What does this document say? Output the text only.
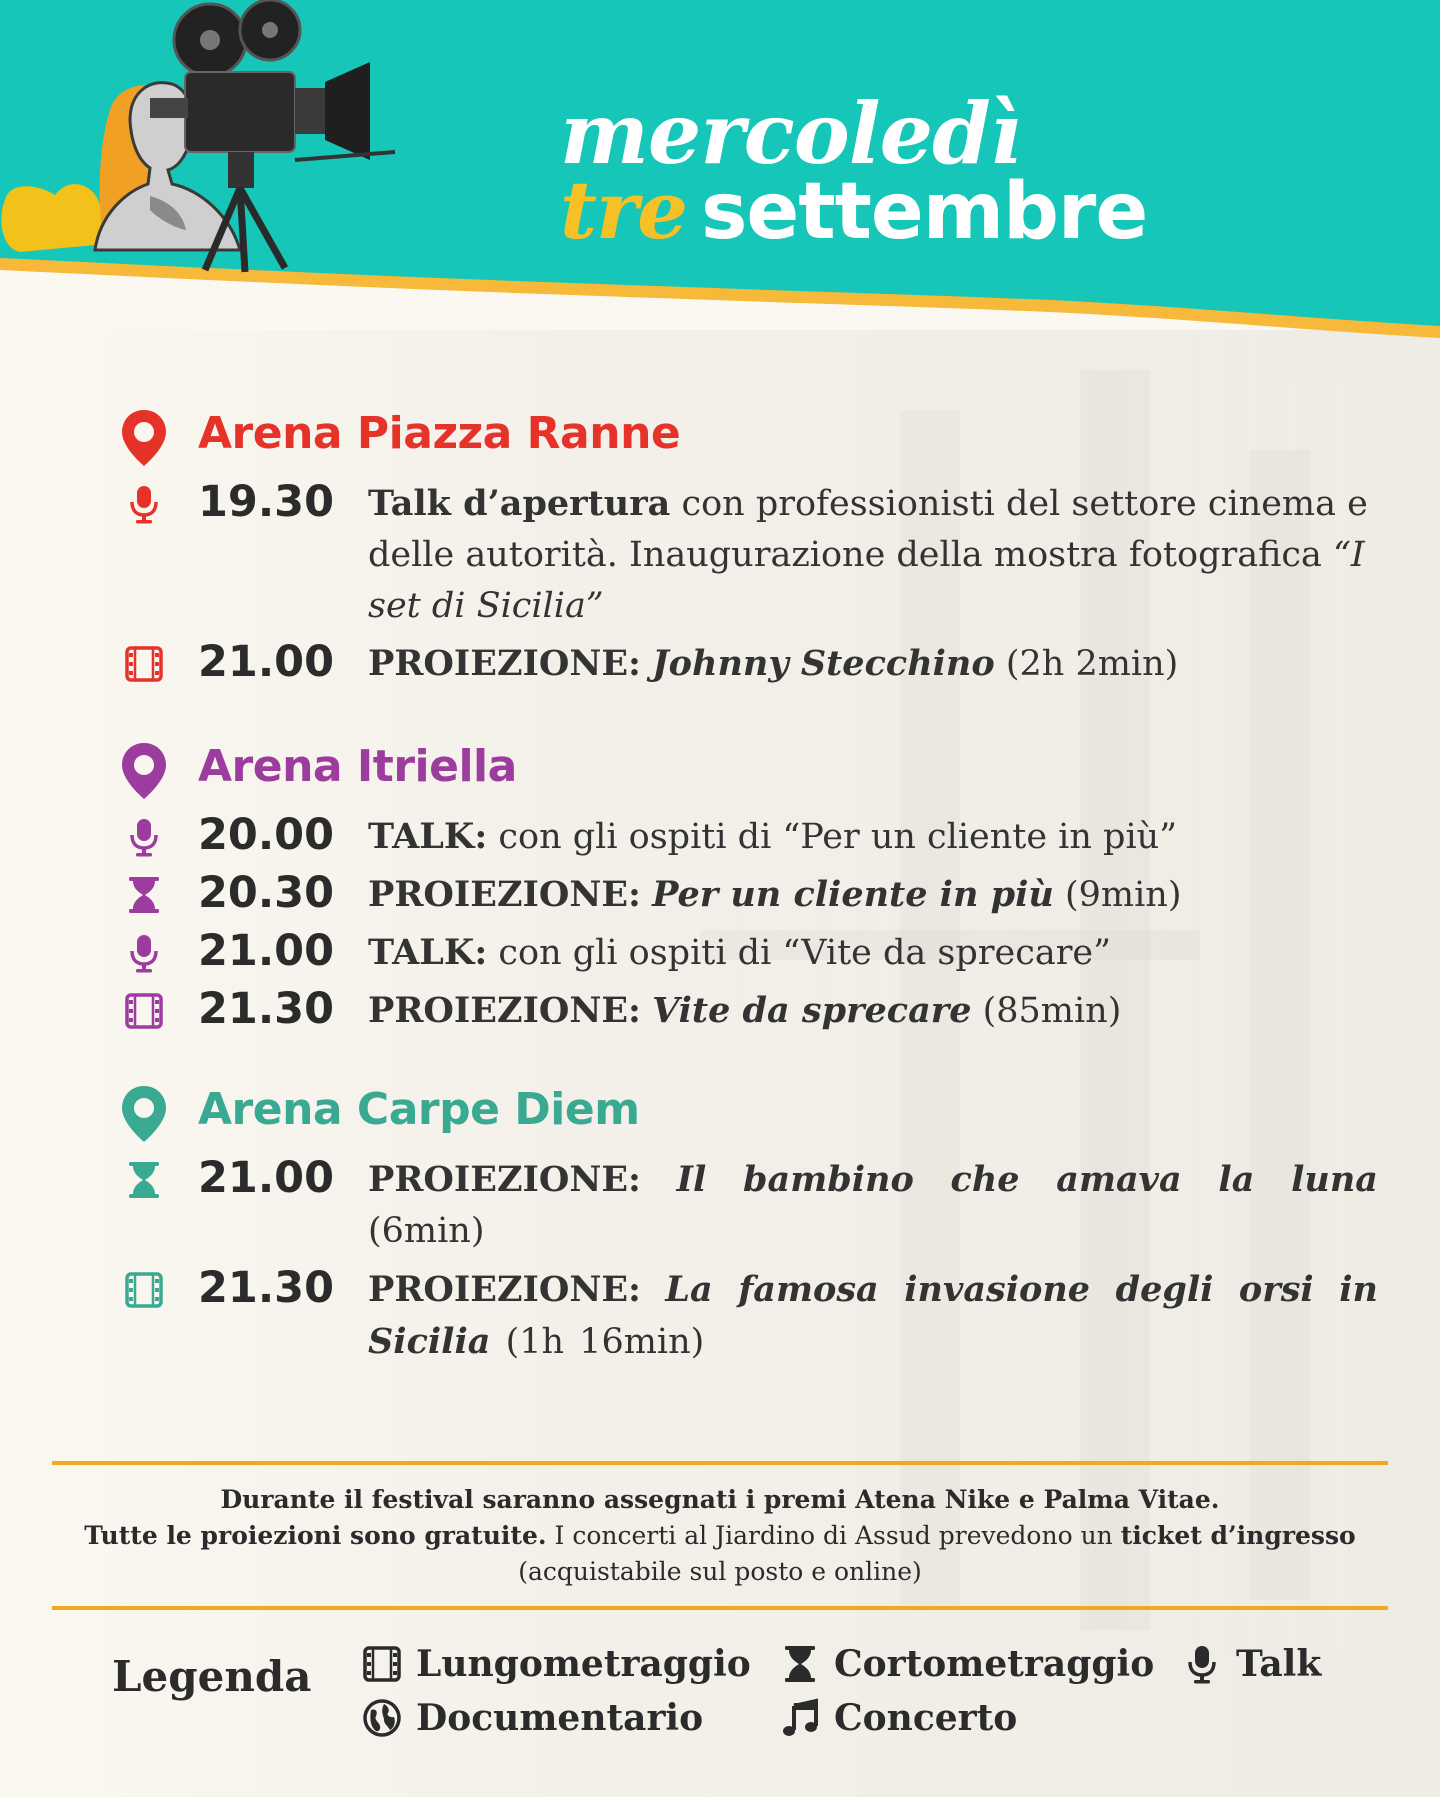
mercoledì

tre settembre

Arena Piazza Ranne
19.30 Talk d’apertura con professionisti del settore cinema e delle autorità. Inaugurazione della mostra fotografica “I set di Sicilia”
21.00 PROIEZIONE: Johnny Stecchino (2h 2min)
Arena Itriella
20.00 TALK: con gli ospiti di “Per un cliente in più”
20.30 PROIEZIONE: Per un cliente in più (9min)
21.00 TALK: con gli ospiti di “Vite da sprecare”
21.30 PROIEZIONE: Vite da sprecare (85min)
Arena Carpe Diem
21.00 PROIEZIONE: Il bambino che amava la luna (6min)
21.30 PROIEZIONE: La famosa invasione degli orsi in Sicilia (1h 16min)
Durante il festival saranno assegnati i premi Atena Nike e Palma Vitae.
Tutte le proiezioni sono gratuite. I concerti al Jiardino di Assud prevedono un ticket d’ingresso
(acquistabile sul posto e online)
Legenda	Lungometraggio Cortometraggio Talk
Documentario	Concerto
